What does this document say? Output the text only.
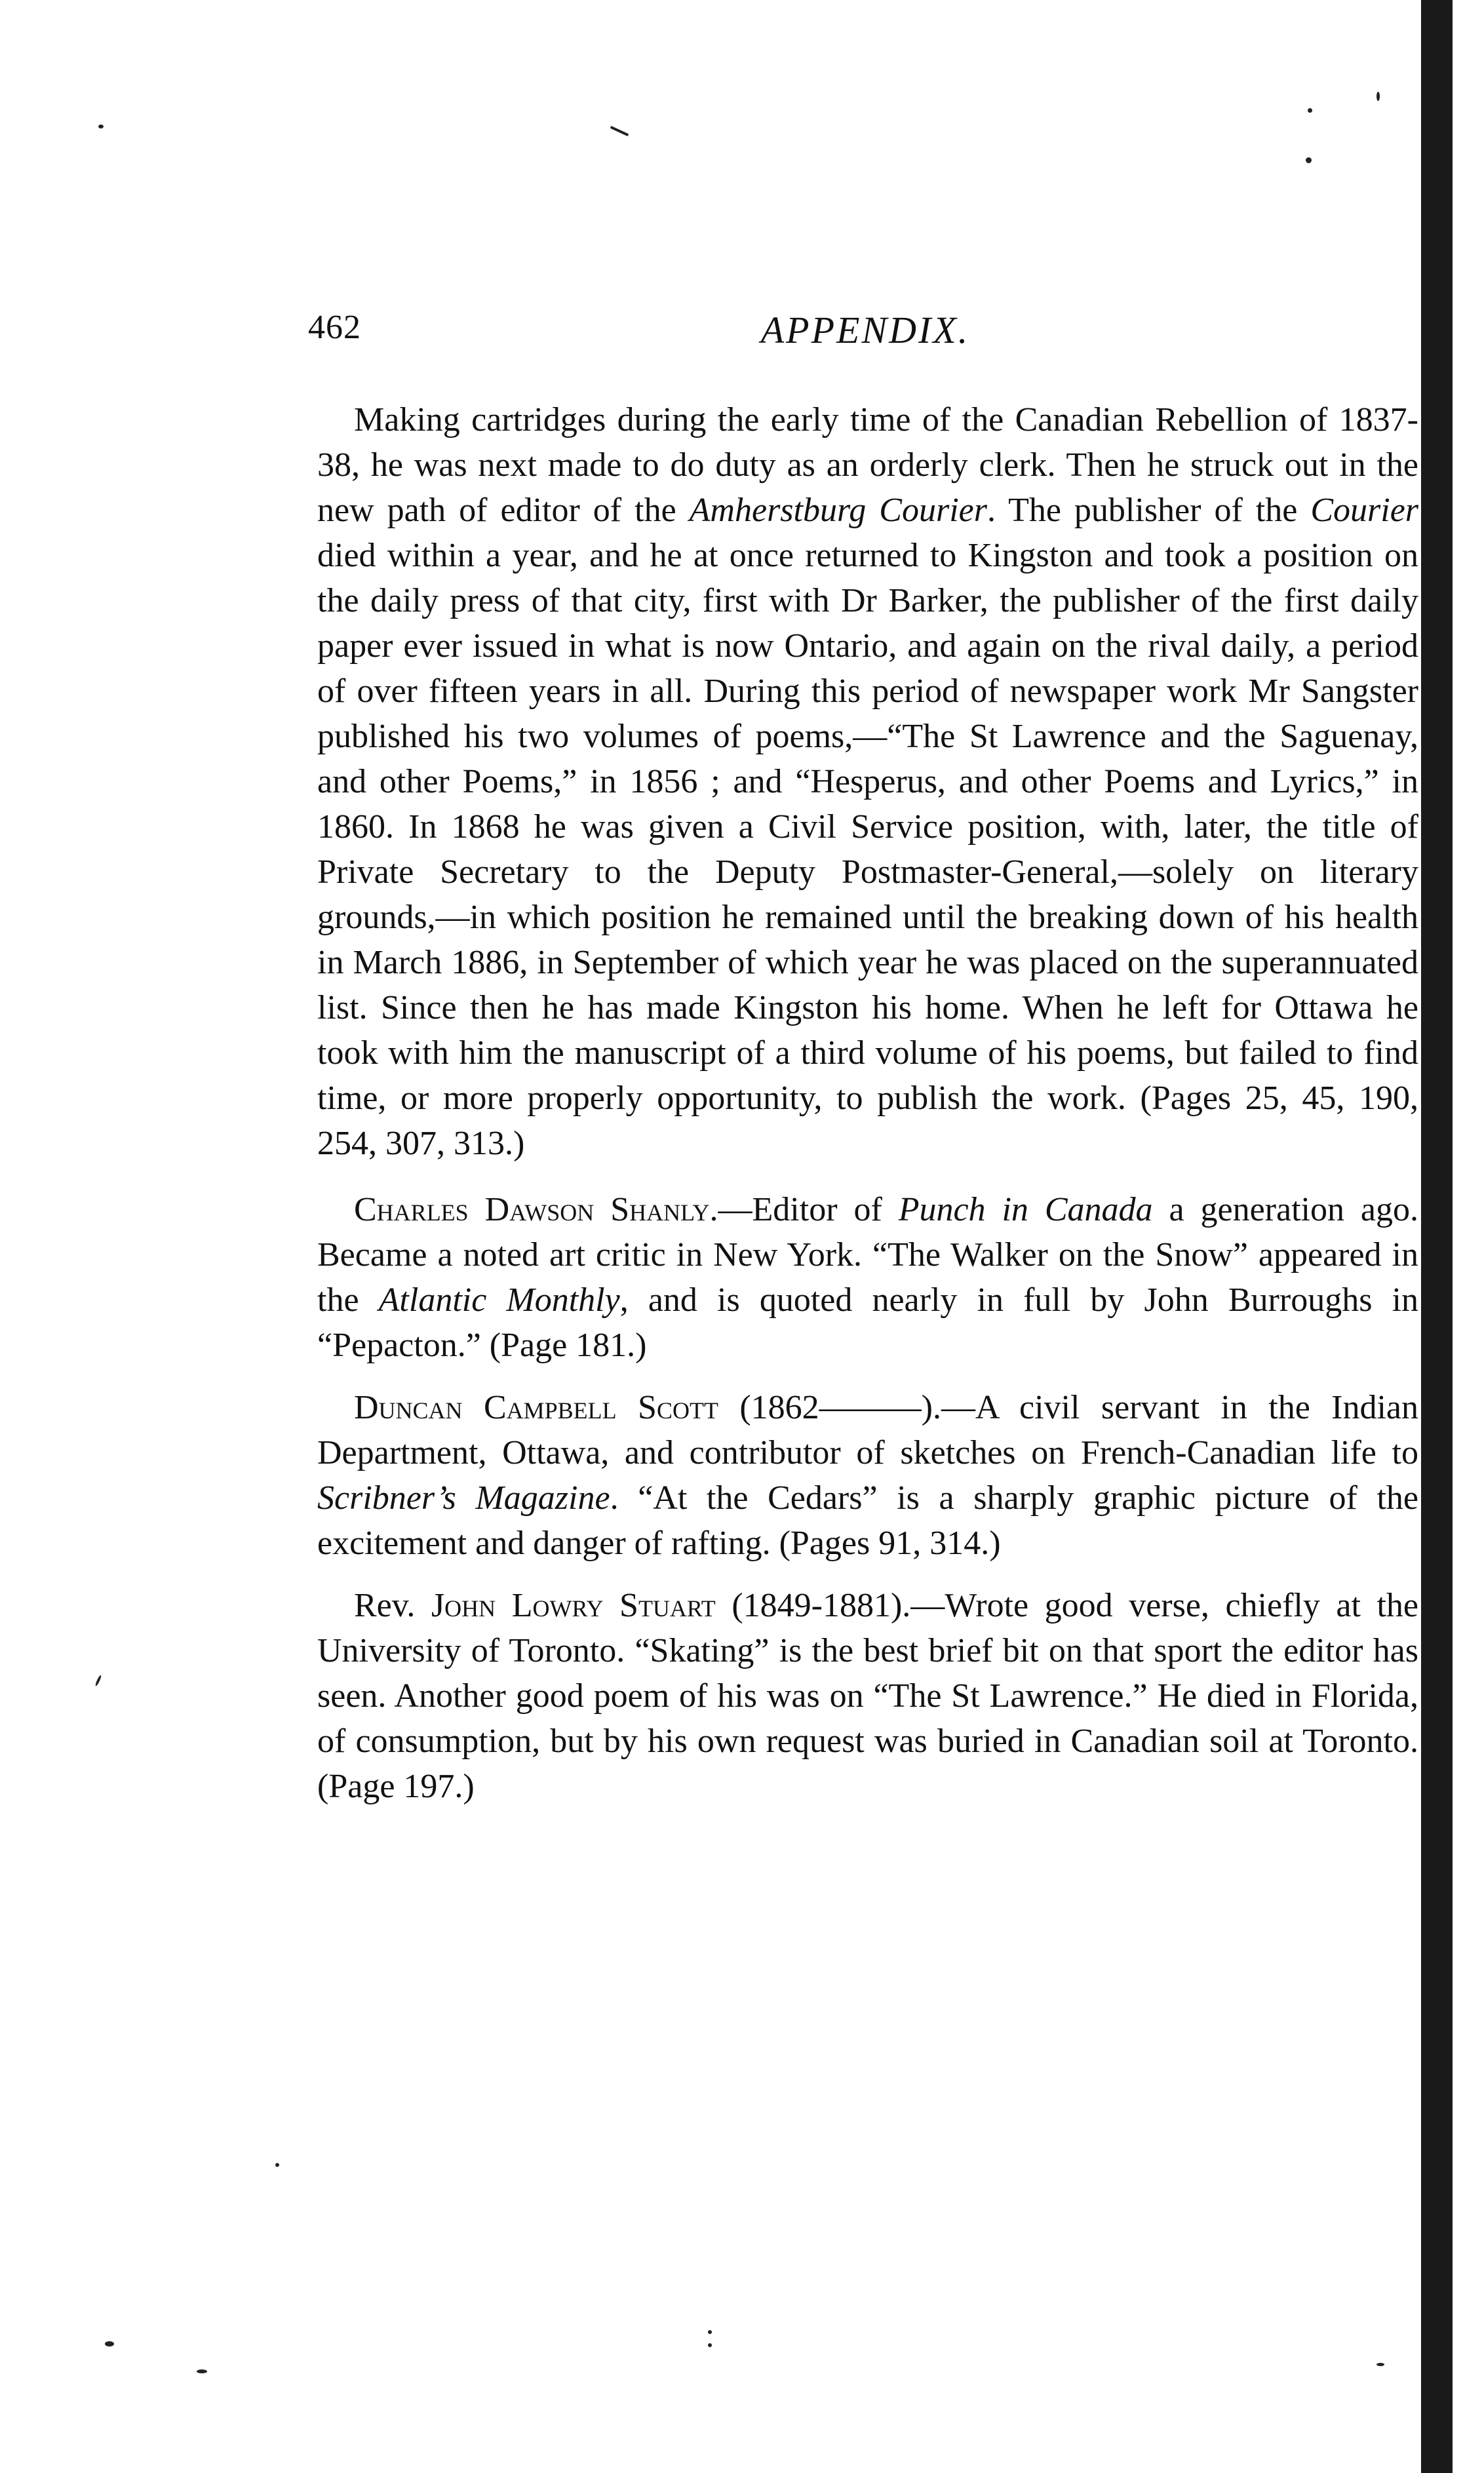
462	APPENDIX.

Making cartridges during the early time of the Canadian Rebellion of 1837-38, he was next made to do duty as an orderly clerk. Then he struck out in the new path of editor of the Amherstburg Courier. The publisher of the Courier died within a year, and he at once returned to Kingston and took a position on the daily press of that city, first with Dr Barker, the publisher of the first daily paper ever issued in what is now Ontario, and again on the rival daily, a period of over fifteen years in all. During this period of newspaper work Mr Sangster published his two volumes of poems,—“The St Lawrence and the Saguenay, and other Poems,” in 1856 ; and “Hesperus, and other Poems and Lyrics,” in 1860. In 1868 he was given a Civil Service position, with, later, the title of Private Secretary to the Deputy Postmaster-General,—solely on literary grounds,—in which position he remained until the breaking down of his health in March 1886, in September of which year he was placed on the superannuated list. Since then he has made Kingston his home. When he left for Ottawa he took with him the manuscript of a third volume of his poems, but failed to find time, or more properly opportunity, to publish the work. (Pages 25, 45, 190, 254, 307, 313.)

Charles Dawson Shanly.—Editor of Punch in Canada a generation ago. Became a noted art critic in New York. “The Walker on the Snow” appeared in the Atlantic Monthly, and is quoted nearly in full by John Burroughs in “Pepacton.” (Page 181.)

Duncan Campbell Scott (1862———).—A civil servant in the Indian Department, Ottawa, and contributor of sketches on French-Canadian life to Scribner’s Magazine. “At the Cedars” is a sharply graphic picture of the excitement and danger of rafting. (Pages 91, 314.)

Rev. John Lowry Stuart (1849-1881).—Wrote good verse, chiefly at the University of Toronto. “Skating” is the best brief bit on that sport the editor has seen. Another good poem of his was on “The St Lawrence.” He died in Florida, of consumption, but by his own request was buried in Canadian soil at Toronto. (Page 197.)
